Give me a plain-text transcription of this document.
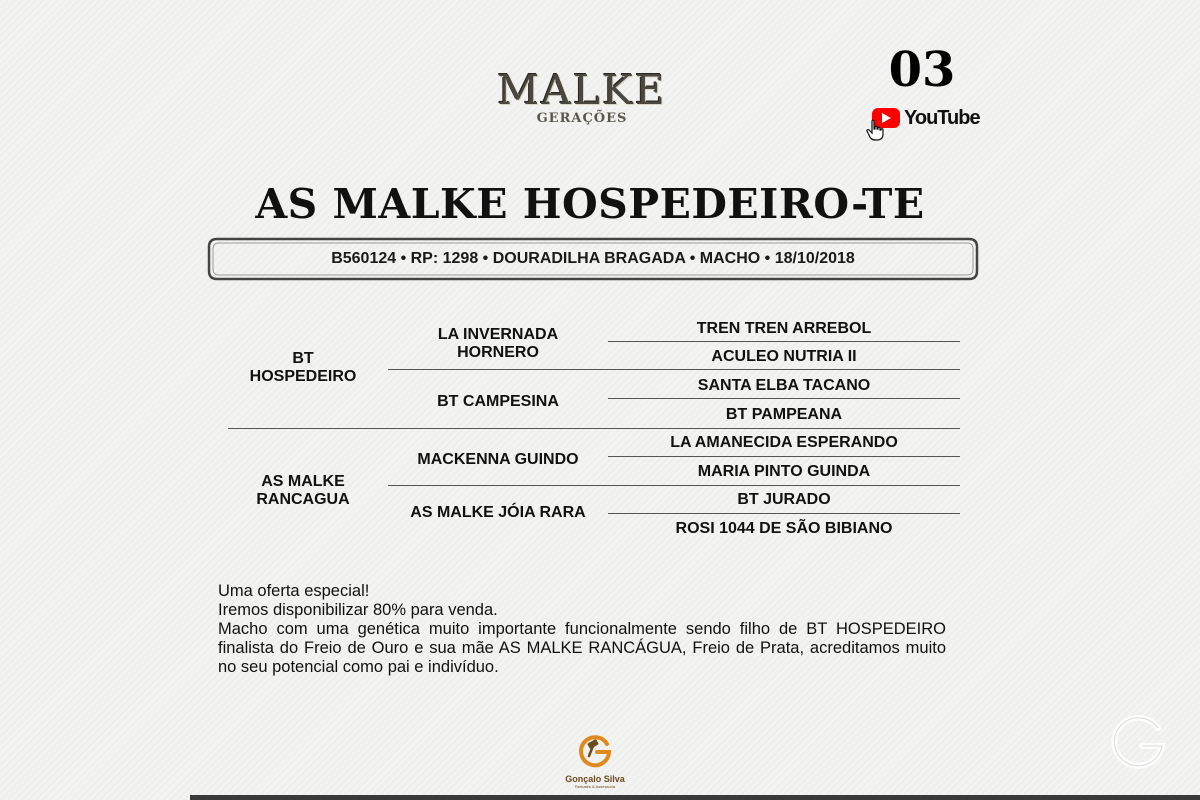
MALKE
GERAÇÕES
03
YouTube
AS MALKE HOSPEDEIRO-TE
B560124 • RP: 1298 • DOURADILHA BRAGADA • MACHO • 18/10/2018
BT
HOSPEDEIRO
AS MALKE
RANCAGUA
LA INVERNADA
HORNERO
BT CAMPESINA
MACKENNA GUINDO
AS MALKE JÓIA RARA
TREN TREN ARREBOL
ACULEO NUTRIA II
SANTA ELBA TACANO
BT PAMPEANA
LA AMANECIDA ESPERANDO
MARIA PINTO GUINDA
BT JURADO
ROSI 1044 DE SÃO BIBIANO
Uma oferta especial!
Iremos disponibilizar 80% para venda.
Macho com uma genética muito importante funcionalmente sendo filho de BT HOSPEDEIRO finalista do Freio de Ouro e sua mãe AS MALKE RANCÁGUA, Freio de Prata, acreditamos muito no seu potencial como pai e indivíduo.
Gonçalo Silva
Remates & Assessoria
